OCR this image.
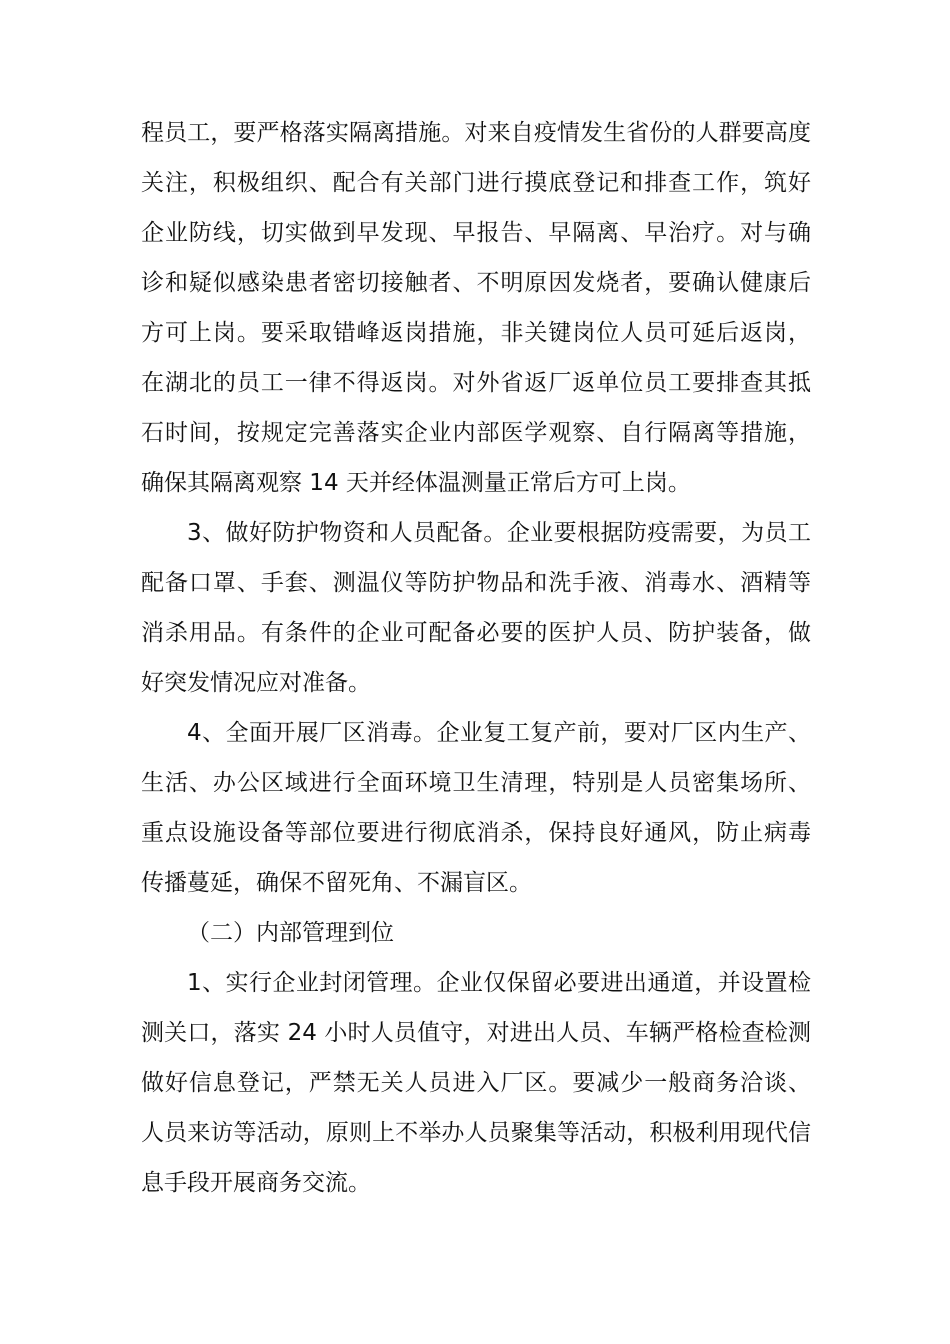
程员工，要严格落实隔离措施。对来自疫情发生省份的人群要高度
关注，积极组织、配合有关部门进行摸底登记和排查工作，筑好
企业防线，切实做到早发现、早报告、早隔离、早治疗。对与确
诊和疑似感染患者密切接触者、不明原因发烧者，要确认健康后
方可上岗。要采取错峰返岗措施，非关键岗位人员可延后返岗，
在湖北的员工一律不得返岗。对外省返厂返单位员工要排查其抵
石时间，按规定完善落实企业内部医学观察、自行隔离等措施，
确保其隔离观察 14 天并经体温测量正常后方可上岗。
3、做好防护物资和人员配备。企业要根据防疫需要，为员工
配备口罩、手套、测温仪等防护物品和洗手液、消毒水、酒精等
消杀用品。有条件的企业可配备必要的医护人员、防护装备，做
好突发情况应对准备。
4、全面开展厂区消毒。企业复工复产前，要对厂区内生产、
生活、办公区域进行全面环境卫生清理，特别是人员密集场所、
重点设施设备等部位要进行彻底消杀，保持良好通风，防止病毒
传播蔓延，确保不留死角、不漏盲区。
（二）内部管理到位
1、实行企业封闭管理。企业仅保留必要进出通道，并设置检
测关口，落实 24 小时人员值守，对进出人员、车辆严格检查检测
做好信息登记，严禁无关人员进入厂区。要减少一般商务洽谈、
人员来访等活动，原则上不举办人员聚集等活动，积极利用现代信
息手段开展商务交流。
